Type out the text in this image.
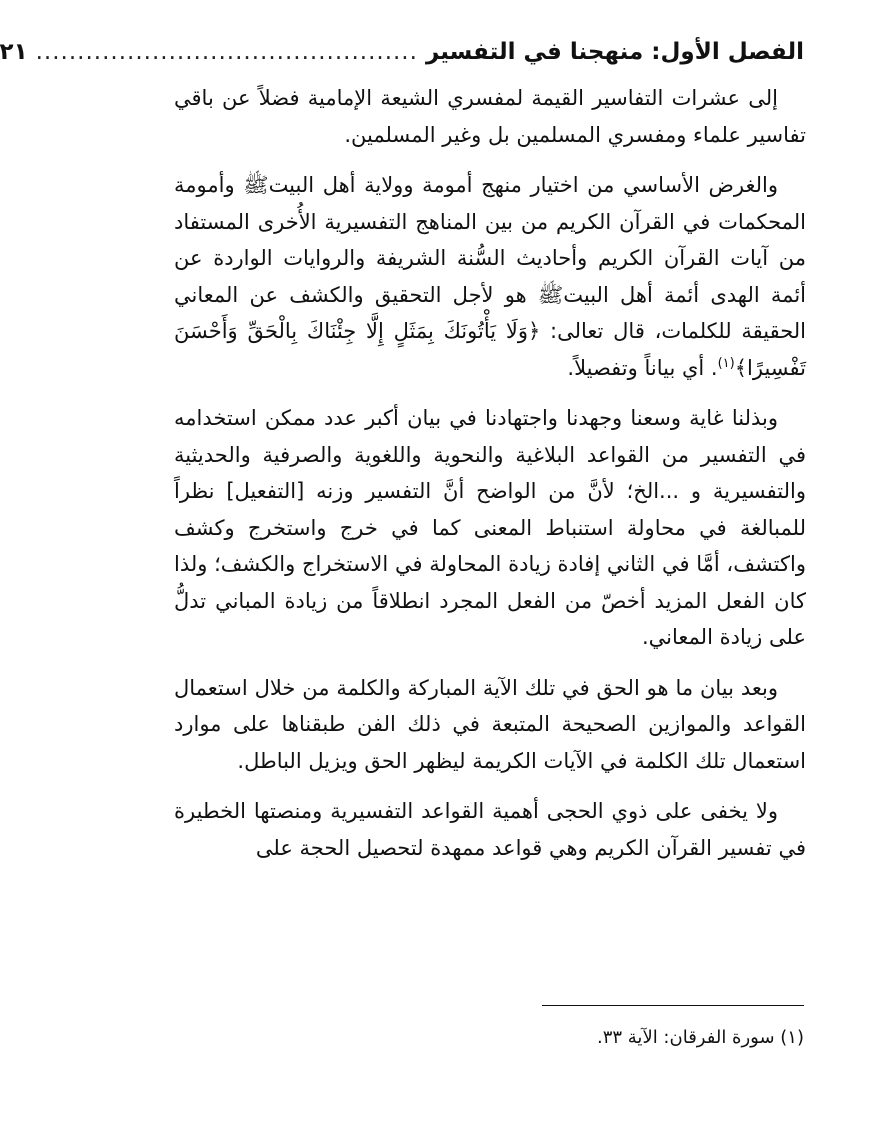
الفصل الأول: منهجنا في التفسير
..............................................
٢١

إلى عشرات التفاسير القيمة لمفسري الشيعة الإمامية فضلاً عن باقي تفاسير علماء ومفسري المسلمين بل وغير المسلمين.

والغرض الأساسي من اختيار منهج أمومة وولاية أهل البيتﷺ وأمومة المحكمات في القرآن الكريم من بين المناهج التفسيرية الأُخرى المستفاد من آيات القرآن الكريم وأحاديث السُّنة الشريفة والروايات الواردة عن أئمة الهدى أئمة أهل البيتﷺ هو لأجل التحقيق والكشف عن المعاني الحقيقة للكلمات، قال تعالى: ﴿وَلَا يَأْتُونَكَ بِمَثَلٍ إِلَّا جِئْنَاكَ بِالْحَقِّ وَأَحْسَنَ تَفْسِيرًا﴾$^{(١)}$. أي بياناً وتفصيلاً.

وبذلنا غاية وسعنا وجهدنا واجتهادنا في بيان أكبر عدد ممكن استخدامه في التفسير من القواعد البلاغية والنحوية واللغوية والصرفية والحديثية والتفسيرية و ...الخ؛ لأنَّ من الواضح أنَّ التفسير وزنه [التفعيل] نظراً للمبالغة في محاولة استنباط المعنى كما في خرج واستخرج وكشف واكتشف، أمَّا في الثاني إفادة زيادة المحاولة في الاستخراج والكشف؛ ولذا كان الفعل المزيد أخصّ من الفعل المجرد انطلاقاً من زيادة المباني تدلُّ على زيادة المعاني.

وبعد بيان ما هو الحق في تلك الآية المباركة والكلمة من خلال استعمال القواعد والموازين الصحيحة المتبعة في ذلك الفن طبقناها على موارد استعمال تلك الكلمة في الآيات الكريمة ليظهر الحق ويزيل الباطل.

ولا يخفى على ذوي الحجى أهمية القواعد التفسيرية ومنصتها الخطيرة في تفسير القرآن الكريم وهي قواعد ممهدة لتحصيل الحجة على

(١) سورة الفرقان: الآية ٣٣.
